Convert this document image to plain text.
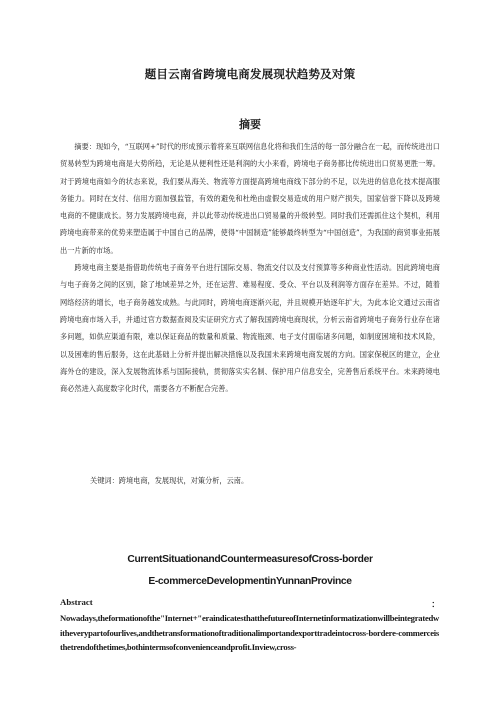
题目云南省跨境电商发展现状趋势及对策
摘要

摘要：现如今，“互联网+”时代的形成预示着将来互联网信息化将和我们生活的每一部分融合在一起，而传统进出口贸易转型为跨境电商是大势所趋，无论是从便利性还是利润的大小来看，跨境电子商务都比传统进出口贸易更胜一筹。对于跨境电商如今的状态来说，我们要从海关、物流等方面提高跨境电商线下部分的不足，以先进的信息化技术提高服务能力。同时在支付、信用方面加强监管，有效的避免和杜绝由虚假交易造成的用户财产损失，国家信誉下降以及跨境电商的不健康成长。努力发展跨境电商，并以此带动传统进出口贸易量的升级转型。同时我们还需抓住这个契机，利用跨境电商带来的优势来塑造属于中国自己的品牌，使得“中国制造”能够最终转型为“中国创造”，为我国的商贸事业拓展出一片新的市场。

跨境电商主要是指借助传统电子商务平台进行国际交易、物流交付以及支付预算等多种商业性活动。因此跨境电商与电子商务之间的区别，除了地域差异之外，还在运营、难易程度、受众、平台以及利润等方面存在差异。不过，随着网络经济的增长，电子商务越发成熟。与此同时，跨境电商逐渐兴起，并且规模开始逐年扩大，为此本论文通过云南省跨境电商市场入手，并通过官方数据查阅及实证研究方式了解我国跨境电商现状，分析云南省跨境电子商务行业存在诸多问题，如供应渠道有限，难以保证商品的数量和质量、物流瓶颈、电子支付面临诸多问题，如制度困境和技术风险，以及困难的售后服务，这在此基础上分析并提出解决措施以及我国未来跨境电商发展的方向。国家保税区的建立，企业海外仓的建设，深入发展物流体系与国际接轨，贯彻落实实名制、保护用户信息安全，完善售后系统平台。未来跨境电商必然进入高度数字化时代，需要各方不断配合完善。

关键词：跨境电商，发展现状，对策分析，云南。
CurrentSituationandCountermeasuresofCross-border
E-commerceDevelopmentinYunnanProvince
Abstract	：
Nowadays,theformationofthe"Internet+"eraindicatesthatthefutureofInternetinformatizationwillbeintegratedwitheverypartofourlives,andthetransformationoftraditionalimportandexporttradeintocross-bordere-commerceisthetrendofthetimes,bothintermsofconvenienceandprofit.Inview,cross-
